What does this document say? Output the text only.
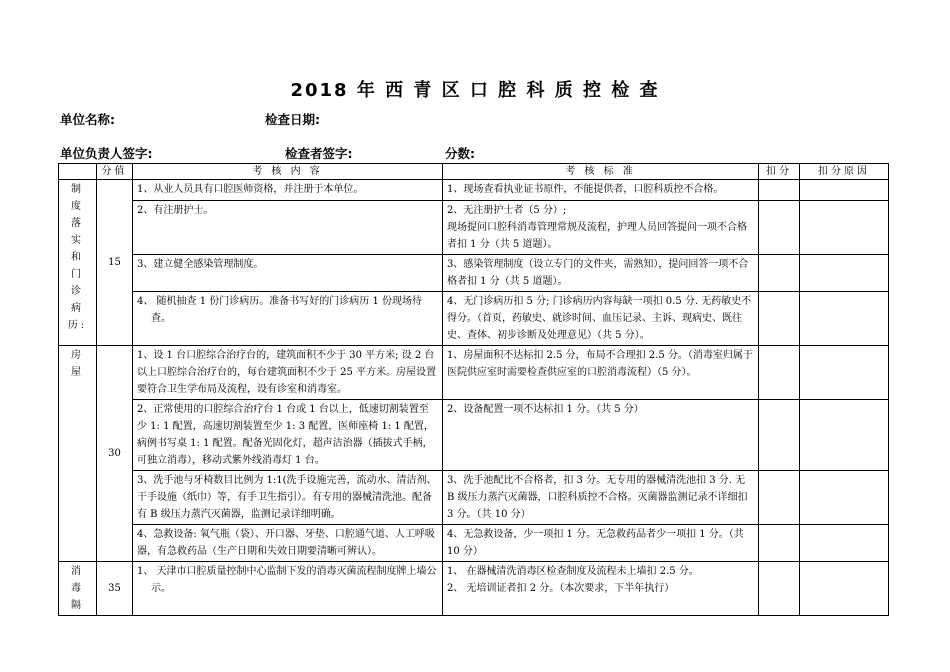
2018 年 西 青 区 口 腔 科 质 控 检 查
单位名称:	检查日期:
单位负责人签字:	检查者签字:	分数:
	分值	考 核 内 容	考 核 标 准	扣分	扣分原因
制 度
落 实
和 门
诊 病
历:	15	1、从业人员具有口腔医师资格，并注册于本单位。	1、现场查看执业证书原件，不能提供者，口腔科质控不合格。		
		2、有注册护士。	2、无注册护士者（5 分）;
现场提问口腔科消毒管理常规及流程，护理人员回答提问一项不合格者扣 1 分（共 5 道题）。		
		3、建立健全感染管理制度。	3、感染管理制度（设立专门的文件夹，需熟知），提问回答一项不合格者扣 1 分（共 5 道题）。		
		4、 随机抽查 1 份门诊病历。准备书写好的门诊病历 1 份现场待查。	4、无门诊病历扣 5 分; 门诊病历内容每缺一项扣 0.5 分. 无药敏史不得分。（首页，药敏史、就诊时间、血压记录、主诉、现病史、既往史、查体、初步诊断及处理意见）（共 5 分）。		
房 屋	30	1、设 1 台口腔综合治疗台的，建筑面积不少于 30 平方米; 设 2 台以上口腔综合治疗台的，每台建筑面积不少于 25 平方米。房屋设置要符合卫生学布局及流程，设有诊室和消毒室。	1、房屋面积不达标扣 2.5 分，布局不合理扣 2.5 分。（消毒室归属于医院供应室时需要检查供应室的口腔消毒流程）（5 分）。		
		2、正常使用的口腔综合治疗台 1 台或 1 台以上，低速切割装置至少 1: 1 配置，高速切割装置至少 1: 3 配置，医师座椅 1: 1 配置，病例书写桌 1: 1 配置。配备光固化灯，超声洁治器（插拔式手柄，可独立消毒），移动式紫外线消毒灯 1 台。	2、设备配置一项不达标扣 1 分。（共 5 分）		
		3、洗手池与牙椅数目比例为 1:1(洗手设施完善，流动水、清洁剂、干手设施（纸巾）等，有手卫生指引）。有专用的器械清洗池。配备有 B 级压力蒸汽灭菌器，监测记录详细明确。	3、洗手池配比不合格者，扣 3 分。无专用的器械清洗池扣 3 分. 无 B 级压力蒸汽灭菌器，口腔科质控不合格。灭菌器监测记录不详细扣 3 分。（共 10 分）		
		4、急救设备: 氧气瓶（袋）、开口器、牙垫、口腔通气道、人工呼吸器，有急救药品（生产日期和失效日期要清晰可辨认）。	4、无急救设备，少一项扣 1 分。无急救药品者少一项扣 1 分。（共 10 分）		
消 毒
隔	35	1、 天津市口腔质量控制中心监制下发的消毒灭菌流程制度牌上墙公示。	1、 在器械清洗消毒区检查制度及流程未上墙扣 2.5 分。
2、 无培训证者扣 2 分。（本次要求，下半年执行）		
